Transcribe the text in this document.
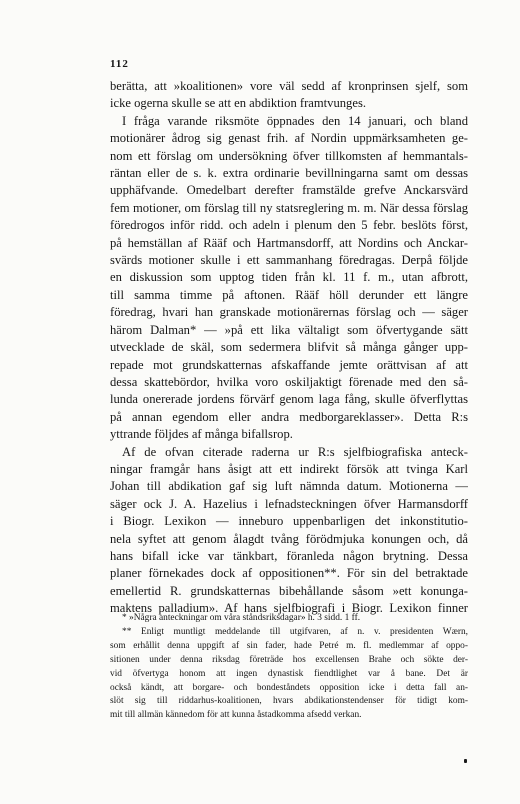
112
berätta, att »koalitionen» vore väl sedd af kronprinsen sjelf, som
icke ogerna skulle se att en abdiktion framtvunges.
I fråga varande riksmöte öppnades den 14 januari, och bland
motionärer ådrog sig genast frih. af Nordin uppmärksamheten ge-
nom ett förslag om undersökning öfver tillkomsten af hemmantals-
räntan eller de s. k. extra ordinarie bevillningarna samt om dessas
upphäfvande. Omedelbart derefter framstälde grefve Anckarsvärd
fem motioner, om förslag till ny statsreglering m. m. När dessa förslag
föredrogos inför ridd. och adeln i plenum den 5 febr. beslöts först,
på hemställan af Rääf och Hartmansdorff, att Nordins och Anckar-
svärds motioner skulle i ett sammanhang föredragas. Derpå följde
en diskussion som upptog tiden från kl. 11 f. m., utan afbrott,
till samma timme på aftonen. Rääf höll derunder ett längre
föredrag, hvari han granskade motionärernas förslag och — säger
härom Dalman* — »på ett lika vältaligt som öfvertygande sätt
utvecklade de skäl, som sedermera blifvit så många gånger upp-
repade mot grundskatternas afskaffande jemte orättvisan af att
dessa skattebördor, hvilka voro oskiljaktigt förenade med den så-
lunda onererade jordens förvärf genom laga fång, skulle öfverflyttas
på annan egendom eller andra medborgareklasser». Detta R:s
yttrande följdes af många bifallsrop.
Af de ofvan citerade raderna ur R:s sjelfbiografiska anteck-
ningar framgår hans åsigt att ett indirekt försök att tvinga Karl
Johan till abdikation gaf sig luft nämnda datum. Motionerna —
säger ock J. A. Hazelius i lefnadsteckningen öfver Harmansdorff
i Biogr. Lexikon — inneburo uppenbarligen det inkonstitutio-
nela syftet att genom ålagdt tvång förödmjuka konungen och, då
hans bifall icke var tänkbart, föranleda någon brytning. Dessa
planer förnekades dock af oppositionen**. För sin del betraktade
emellertid R. grundskatternas bibehållande såsom »ett konunga-
maktens palladium». Af hans sjelfbiografi i Biogr. Lexikon finner
* »Några anteckningar om våra ståndsriksdagar» h. 3 sidd. 1 ff.
** Enligt muntligt meddelande till utgifvaren, af n. v. presidenten Wærn,
som erhållit denna uppgift af sin fader, hade Petré m. fl. medlemmar af oppo-
sitionen under denna riksdag företräde hos excellensen Brahe och sökte der-
vid öfvertyga honom att ingen dynastisk fiendtlighet var å bane. Det är
också kändt, att borgare- och bondeståndets opposition icke i detta fall an-
slöt sig till riddarhus-koalitionen, hvars abdikationstendenser för tidigt kom-
mit till allmän kännedom för att kunna åstadkomma afsedd verkan.
